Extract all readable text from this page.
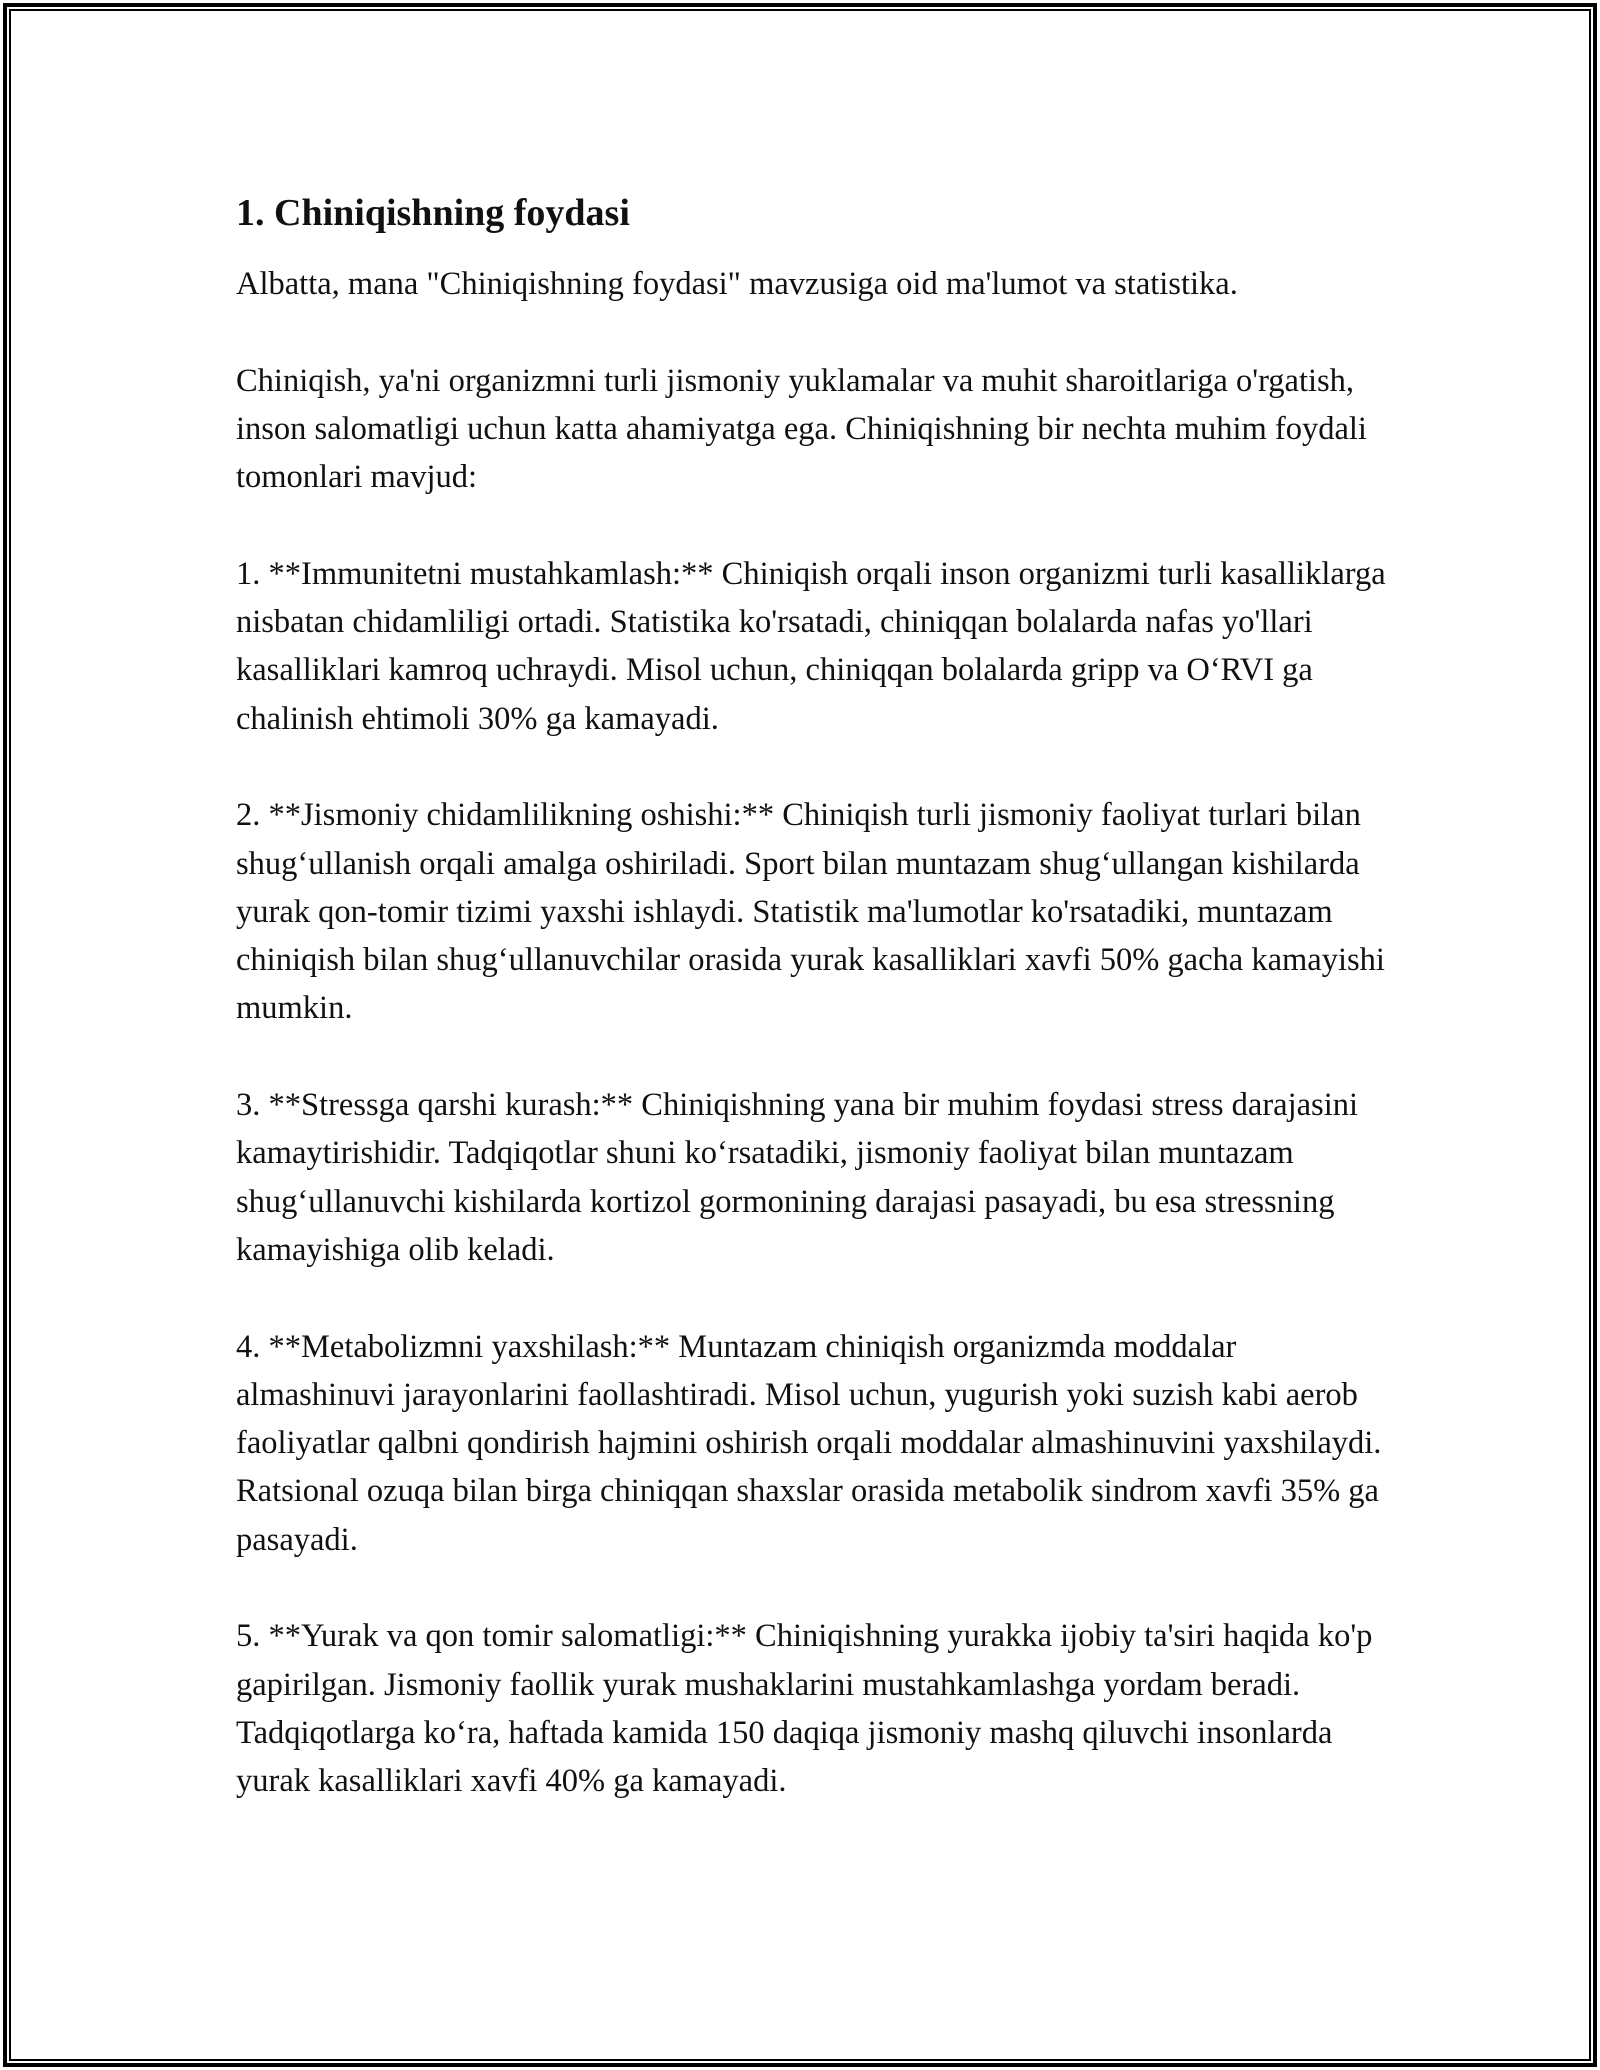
1. Chiniqishning foydasi

Albatta, mana "Chiniqishning foydasi" mavzusiga oid ma'lumot va statistika.

Chiniqish, ya'ni organizmni turli jismoniy yuklamalar va muhit sharoitlariga o'rgatish, inson salomatligi uchun katta ahamiyatga ega. Chiniqishning bir nechta muhim foydali tomonlari mavjud:

1. **Immunitetni mustahkamlash:** Chiniqish orqali inson organizmi turli kasalliklarga nisbatan chidamliligi ortadi. Statistika ko'rsatadi, chiniqqan bolalarda nafas yo'llari kasalliklari kamroq uchraydi. Misol uchun, chiniqqan bolalarda gripp va O‘RVI ga chalinish ehtimoli 30% ga kamayadi.

2. **Jismoniy chidamlilikning oshishi:** Chiniqish turli jismoniy faoliyat turlari bilan shug‘ullanish orqali amalga oshiriladi. Sport bilan muntazam shug‘ullangan kishilarda yurak qon-tomir tizimi yaxshi ishlaydi. Statistik ma'lumotlar ko'rsatadiki, muntazam chiniqish bilan shug‘ullanuvchilar orasida yurak kasalliklari xavfi 50% gacha kamayishi mumkin.

3. **Stressga qarshi kurash:** Chiniqishning yana bir muhim foydasi stress darajasini kamaytirishidir. Tadqiqotlar shuni ko‘rsatadiki, jismoniy faoliyat bilan muntazam shug‘ullanuvchi kishilarda kortizol gormonining darajasi pasayadi, bu esa stressning kamayishiga olib keladi.

4. **Metabolizmni yaxshilash:** Muntazam chiniqish organizmda moddalar almashinuvi jarayonlarini faollashtiradi. Misol uchun, yugurish yoki suzish kabi aerob faoliyatlar qalbni qondirish hajmini oshirish orqali moddalar almashinuvini yaxshilaydi. Ratsional ozuqa bilan birga chiniqqan shaxslar orasida metabolik sindrom xavfi 35% ga pasayadi.

5. **Yurak va qon tomir salomatligi:** Chiniqishning yurakka ijobiy ta'siri haqida ko'p gapirilgan. Jismoniy faollik yurak mushaklarini mustahkamlashga yordam beradi. Tadqiqotlarga ko‘ra, haftada kamida 150 daqiqa jismoniy mashq qiluvchi insonlarda yurak kasalliklari xavfi 40% ga kamayadi.
